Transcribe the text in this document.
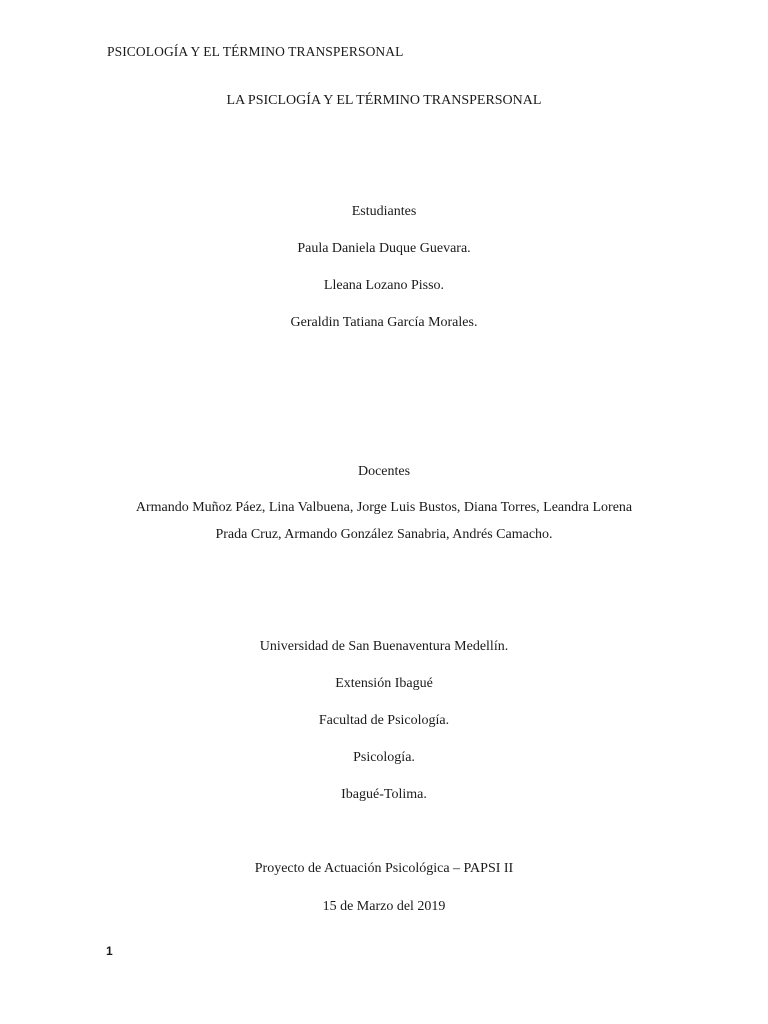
PSICOLOGÍA Y EL TÉRMINO TRANSPERSONAL
LA PSICLOGÍA Y EL TÉRMINO TRANSPERSONAL
Estudiantes
Paula Daniela Duque Guevara.
Lleana Lozano Pisso.
Geraldin Tatiana García Morales.
Docentes
Armando Muñoz Páez, Lina Valbuena, Jorge Luis Bustos, Diana Torres, Leandra Lorena
Prada Cruz, Armando González Sanabria, Andrés Camacho.
Universidad de San Buenaventura Medellín.
Extensión Ibagué
Facultad de Psicología.
Psicología.
Ibagué-Tolima.
Proyecto de Actuación Psicológica – PAPSI II
15 de Marzo del 2019
1
